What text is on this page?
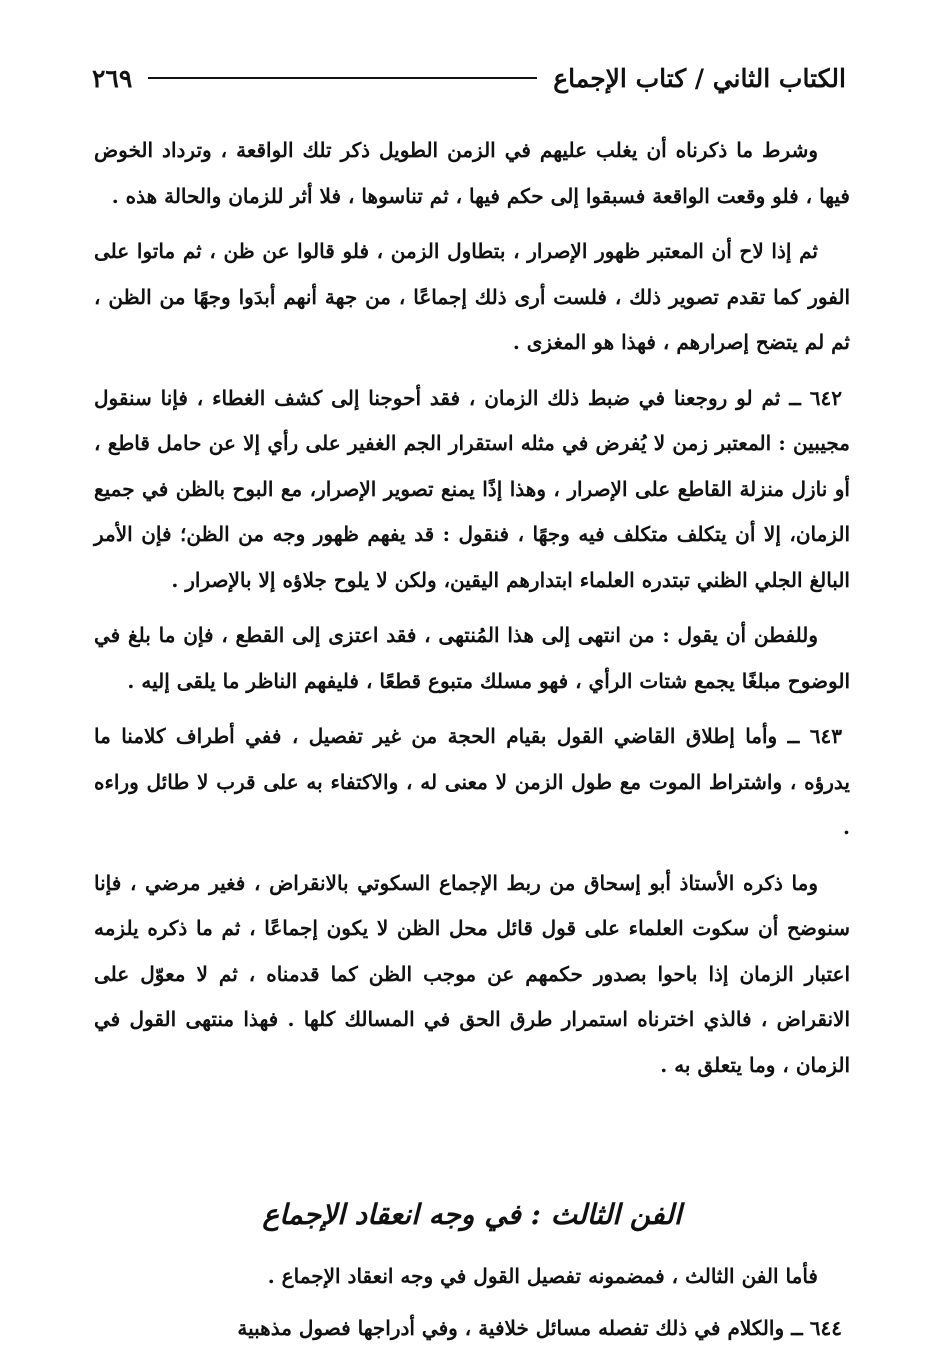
الكتاب الثاني / كتاب الإجماع
٢٦٩

وشرط ما ذكرناه أن يغلب عليهم في الزمن الطويل ذكر تلك الواقعة ، وترداد الخوض فيها ، فلو وقعت الواقعة فسبقوا إلى حكم فيها ، ثم تناسوها ، فلا أثر للزمان والحالة هذه .

ثم إذا لاح أن المعتبر ظهور الإصرار ، بتطاول الزمن ، فلو قالوا عن ظن ، ثم ماتوا على الفور كما تقدم تصوير ذلك ، فلست أرى ذلك إجماعًا ، من جهة أنهم أبدَوا وجهًا من الظن ، ثم لم يتضح إصرارهم ، فهذا هو المغزى .

٦٤٢ ــ ثم لو روجعنا في ضبط ذلك الزمان ، فقد أحوجنا إلى كشف الغطاء ، فإنا سنقول مجيبين : المعتبر زمن لا يُفرض في مثله استقرار الجم الغفير على رأي إلا عن حامل قاطع ، أو نازل منزلة القاطع على الإصرار ، وهذا إذًا يمنع تصوير الإصرار، مع البوح بالظن في جميع الزمان، إلا أن يتكلف متكلف فيه وجهًا ، فنقول : قد يفهم ظهور وجه من الظن؛ فإن الأمر البالغ الجلي الظني تبتدره العلماء ابتدارهم اليقين، ولكن لا يلوح جلاؤه إلا بالإصرار .

وللفطن أن يقول : من انتهى إلى هذا المُنتهى ، فقد اعتزى إلى القطع ، فإن ما بلغ في الوضوح مبلغًا يجمع شتات الرأي ، فهو مسلك متبوع قطعًا ، فليفهم الناظر ما يلقى إليه .

٦٤٣ ــ وأما إطلاق القاضي القول بقيام الحجة من غير تفصيل ، ففي أطراف كلامنا ما يدرؤه ، واشتراط الموت مع طول الزمن لا معنى له ، والاكتفاء به على قرب لا طائل وراءه .

وما ذكره الأستاذ أبو إسحاق من ربط الإجماع السكوتي بالانقراض ، فغير مرضي ، فإنا سنوضح أن سكوت العلماء على قول قائل محل الظن لا يكون إجماعًا ، ثم ما ذكره يلزمه اعتبار الزمان إذا باحوا بصدور حكمهم عن موجب الظن كما قدمناه ، ثم لا معوّل على الانقراض ، فالذي اخترناه استمرار طرق الحق في المسالك كلها . فهذا منتهى القول في الزمان ، وما يتعلق به .

الفن الثالث : في وجه انعقاد الإجماع

فأما الفن الثالث ، فمضمونه تفصيل القول في وجه انعقاد الإجماع .

٦٤٤ ــ والكلام في ذلك تفصله مسائل خلافية ، وفي أدراجها فصول مذهبية
